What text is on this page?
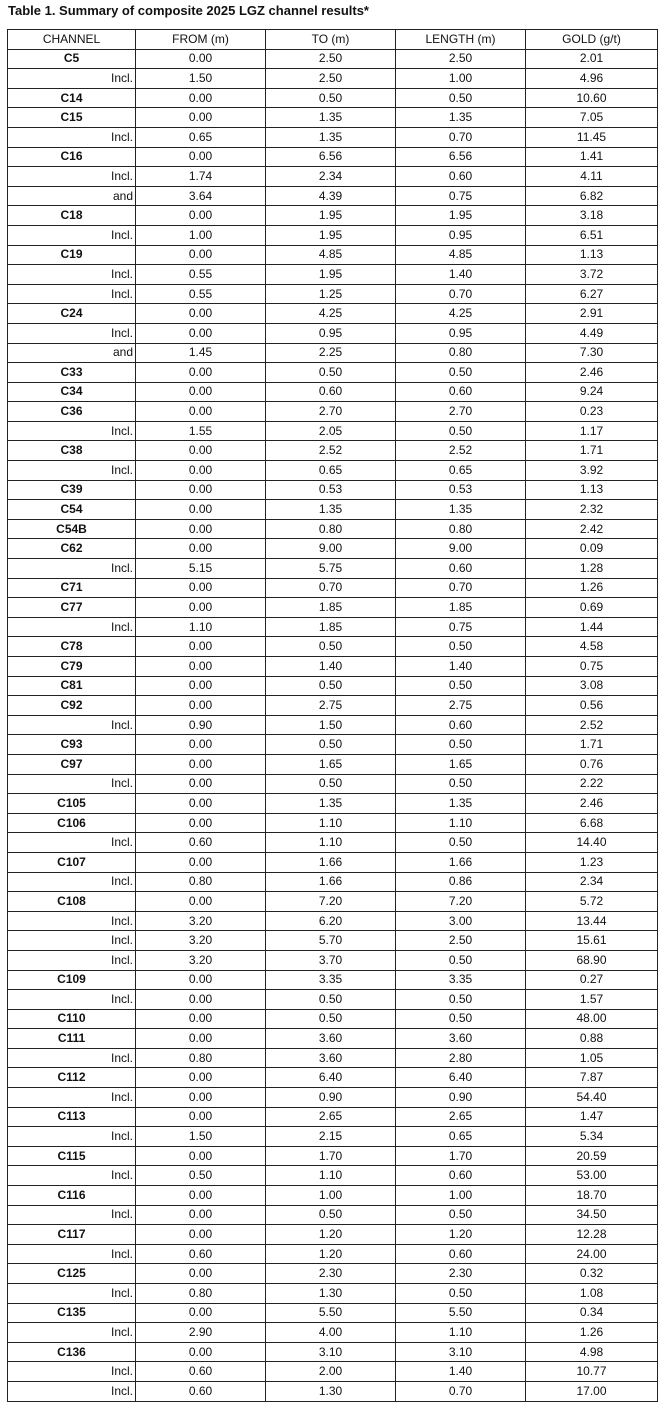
Table 1. Summary of composite 2025 LGZ channel results*
CHANNEL	FROM (m)	TO (m)	LENGTH (m)	GOLD (g/t)
C5	0.00	2.50	2.50	2.01

Incl.	1.50	2.50	1.00	4.96
C14	0.00	0.50	0.50	10.60
C15	0.00	1.35	1.35	7.05

Incl.	0.65	1.35	0.70	11.45
C16	0.00	6.56	6.56	1.41

Incl.	1.74	2.34	0.60	4.11

and	3.64	4.39	0.75	6.82
C18	0.00	1.95	1.95	3.18

Incl.	1.00	1.95	0.95	6.51
C19	0.00	4.85	4.85	1.13

Incl.	0.55	1.95	1.40	3.72

Incl.	0.55	1.25	0.70	6.27
C24	0.00	4.25	4.25	2.91

Incl.	0.00	0.95	0.95	4.49

and	1.45	2.25	0.80	7.30
C33	0.00	0.50	0.50	2.46
C34	0.00	0.60	0.60	9.24
C36	0.00	2.70	2.70	0.23

Incl.	1.55	2.05	0.50	1.17
C38	0.00	2.52	2.52	1.71

Incl.	0.00	0.65	0.65	3.92
C39	0.00	0.53	0.53	1.13
C54	0.00	1.35	1.35	2.32
C54B	0.00	0.80	0.80	2.42
C62	0.00	9.00	9.00	0.09

Incl.	5.15	5.75	0.60	1.28
C71	0.00	0.70	0.70	1.26
C77	0.00	1.85	1.85	0.69

Incl.	1.10	1.85	0.75	1.44
C78	0.00	0.50	0.50	4.58
C79	0.00	1.40	1.40	0.75
C81	0.00	0.50	0.50	3.08
C92	0.00	2.75	2.75	0.56

Incl.	0.90	1.50	0.60	2.52
C93	0.00	0.50	0.50	1.71
C97	0.00	1.65	1.65	0.76

Incl.	0.00	0.50	0.50	2.22
C105	0.00	1.35	1.35	2.46
C106	0.00	1.10	1.10	6.68

Incl.	0.60	1.10	0.50	14.40
C107	0.00	1.66	1.66	1.23

Incl.	0.80	1.66	0.86	2.34
C108	0.00	7.20	7.20	5.72

Incl.	3.20	6.20	3.00	13.44

Incl.	3.20	5.70	2.50	15.61

Incl.	3.20	3.70	0.50	68.90
C109	0.00	3.35	3.35	0.27

Incl.	0.00	0.50	0.50	1.57
C110	0.00	0.50	0.50	48.00
C111	0.00	3.60	3.60	0.88

Incl.	0.80	3.60	2.80	1.05
C112	0.00	6.40	6.40	7.87

Incl.	0.00	0.90	0.90	54.40
C113	0.00	2.65	2.65	1.47

Incl.	1.50	2.15	0.65	5.34
C115	0.00	1.70	1.70	20.59

Incl.	0.50	1.10	0.60	53.00
C116	0.00	1.00	1.00	18.70

Incl.	0.00	0.50	0.50	34.50
C117	0.00	1.20	1.20	12.28

Incl.	0.60	1.20	0.60	24.00
C125	0.00	2.30	2.30	0.32

Incl.	0.80	1.30	0.50	1.08
C135	0.00	5.50	5.50	0.34

Incl.	2.90	4.00	1.10	1.26
C136	0.00	3.10	3.10	4.98

Incl.	0.60	2.00	1.40	10.77

Incl.	0.60	1.30	0.70	17.00
